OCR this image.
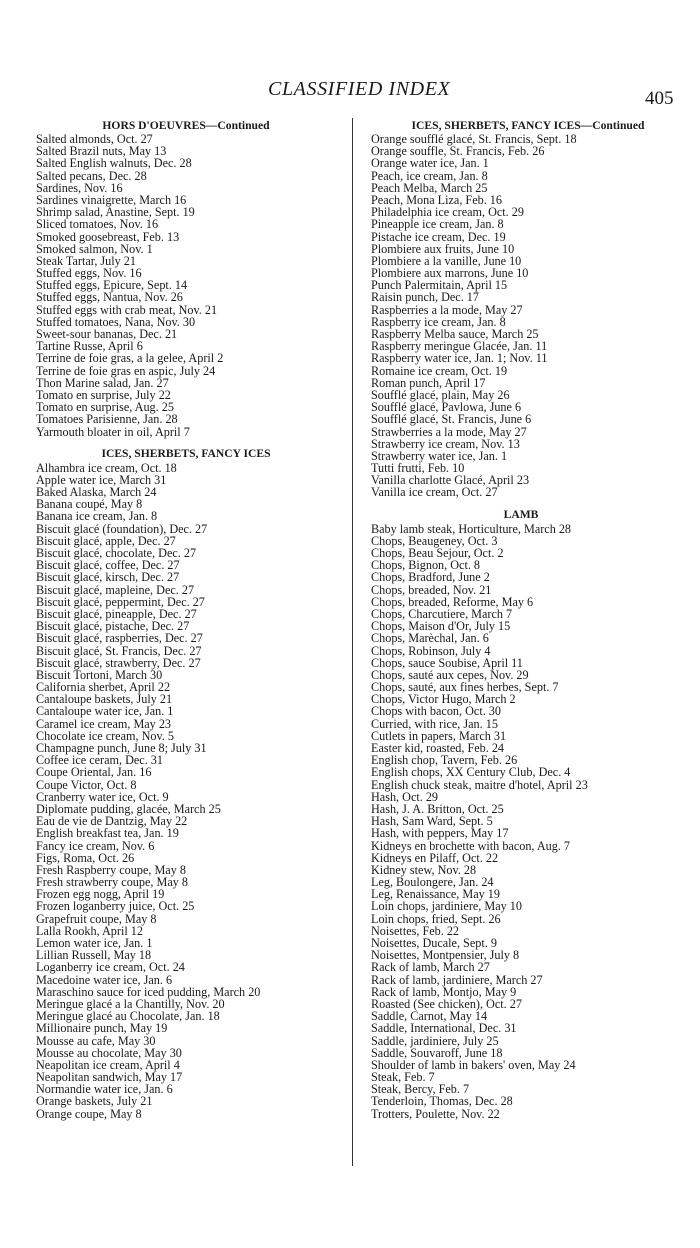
CLASSIFIED INDEX	405
HORS D'OEUVRES—Continued
Salted almonds, Oct. 27
Salted Brazil nuts, May 13
Salted English walnuts, Dec. 28
Salted pecans, Dec. 28
Sardines, Nov. 16
Sardines vinaigrette, March 16
Shrimp salad, Anastine, Sept. 19
Sliced tomatoes, Nov. 16
Smoked goosebreast, Feb. 13
Smoked salmon, Nov. 1
Steak Tartar, July 21
Stuffed eggs, Nov. 16
Stuffed eggs, Epicure, Sept. 14
Stuffed eggs, Nantua, Nov. 26
Stuffed eggs with crab meat, Nov. 21
Stuffed tomatoes, Nana, Nov. 30
Sweet-sour bananas, Dec. 21
Tartine Russe, April 6
Terrine de foie gras, a la gelee, April 2
Terrine de foie gras en aspic, July 24
Thon Marine salad, Jan. 27
Tomato en surprise, July 22
Tomato en surprise, Aug. 25
Tomatoes Parisienne, Jan. 28
Yarmouth bloater in oil, April 7
ICES, SHERBETS, FANCY ICES
Alhambra ice cream, Oct. 18
Apple water ice, March 31
Baked Alaska, March 24
Banana coupé, May 8
Banana ice cream, Jan. 8
Biscuit glacé (foundation), Dec. 27
Biscuit glacé, apple, Dec. 27
Biscuit glacé, chocolate, Dec. 27
Biscuit glacé, coffee, Dec. 27
Biscuit glacé, kirsch, Dec. 27
Biscuit glacé, mapleine, Dec. 27
Biscuit glacé, peppermint, Dec. 27
Biscuit glacé, pineapple, Dec. 27
Biscuit glacé, pistache, Dec. 27
Biscuit glacé, raspberries, Dec. 27
Biscuit glacé, St. Francis, Dec. 27
Biscuit glacé, strawberry, Dec. 27
Biscuit Tortoni, March 30
California sherbet, April 22
Cantaloupe baskets, July 21
Cantaloupe water ice, Jan. 1
Caramel ice cream, May 23
Chocolate ice cream, Nov. 5
Champagne punch, June 8; July 31
Coffee ice ceram, Dec. 31
Coupe Oriental, Jan. 16
Coupe Victor, Oct. 8
Cranberry water ice, Oct. 9
Diplomate pudding, glacée, March 25
Eau de vie de Dantzig, May 22
English breakfast tea, Jan. 19
Fancy ice cream, Nov. 6
Figs, Roma, Oct. 26
Fresh Raspberry coupe, May 8
Fresh strawberry coupe, May 8
Frozen egg nogg, April 19
Frozen loganberry juice, Oct. 25
Grapefruit coupe, May 8
Lalla Rookh, April 12
Lemon water ice, Jan. 1
Lillian Russell, May 18
Loganberry ice cream, Oct. 24
Macedoine water ice, Jan. 6
Maraschino sauce for iced pudding, March 20
Meringue glacé a la Chantilly, Nov. 20
Meringue glacé au Chocolate, Jan. 18
Millionaire punch, May 19
Mousse au cafe, May 30
Mousse au chocolate, May 30
Neapolitan ice cream, April 4
Neapolitan sandwich, May 17
Normandie water ice, Jan. 6
Orange baskets, July 21
Orange coupe, May 8
ICES, SHERBETS, FANCY ICES—Continued
Orange soufflé glacé, St. Francis, Sept. 18
Orange souffle, St. Francis, Feb. 26
Orange water ice, Jan. 1
Peach, ice cream, Jan. 8
Peach Melba, March 25
Peach, Mona Liza, Feb. 16
Philadelphia ice cream, Oct. 29
Pineapple ice cream, Jan. 8
Pistache ice cream, Dec. 19
Plombiere aux fruits, June 10
Plombiere a la vanille, June 10
Plombiere aux marrons, June 10
Punch Palermitain, April 15
Raisin punch, Dec. 17
Raspberries a la mode, May 27
Raspberry ice cream, Jan. 8
Raspberry Melba sauce, March 25
Raspberry meringue Glacée, Jan. 11
Raspberry water ice, Jan. 1; Nov. 11
Romaine ice cream, Oct. 19
Roman punch, April 17
Soufflé glacé, plain, May 26
Soufflé glacé, Pavlowa, June 6
Soufflé glacé, St. Francis, June 6
Strawberries a la mode, May 27
Strawberry ice cream, Nov. 13
Strawberry water ice, Jan. 1
Tutti frutti, Feb. 10
Vanilla charlotte Glacé, April 23
Vanilla ice cream, Oct. 27
LAMB
Baby lamb steak, Horticulture, March 28
Chops, Beaugeney, Oct. 3
Chops, Beau Sejour, Oct. 2
Chops, Bignon, Oct. 8
Chops, Bradford, June 2
Chops, breaded, Nov. 21
Chops, breaded, Reforme, May 6
Chops, Charcutiere, March 7
Chops, Maison d'Or, July 15
Chops, Marèchal, Jan. 6
Chops, Robinson, July 4
Chops, sauce Soubise, April 11
Chops, sauté aux cepes, Nov. 29
Chops, sauté, aux fines herbes, Sept. 7
Chops, Victor Hugo, March 2
Chops with bacon, Oct. 30
Curried, with rice, Jan. 15
Cutlets in papers, March 31
Easter kid, roasted, Feb. 24
English chop, Tavern, Feb. 26
English chops, XX Century Club, Dec. 4
English chuck steak, maitre d'hotel, April 23
Hash, Oct. 29
Hash, J. A. Britton, Oct. 25
Hash, Sam Ward, Sept. 5
Hash, with peppers, May 17
Kidneys en brochette with bacon, Aug. 7
Kidneys en Pilaff, Oct. 22
Kidney stew, Nov. 28
Leg, Boulongere, Jan. 24
Leg, Renaissance, May 19
Loin chops, jardiniere, May 10
Loin chops, fried, Sept. 26
Noisettes, Feb. 22
Noisettes, Ducale, Sept. 9
Noisettes, Montpensier, July 8
Rack of lamb, March 27
Rack of lamb, jardiniere, March 27
Rack of lamb, Montjo, May 9
Roasted (See chicken), Oct. 27
Saddle, Carnot, May 14
Saddle, International, Dec. 31
Saddle, jardiniere, July 25
Saddle, Souvaroff, June 18
Shoulder of lamb in bakers' oven, May 24
Steak, Feb. 7
Steak, Bercy, Feb. 7
Tenderloin, Thomas, Dec. 28
Trotters, Poulette, Nov. 22
